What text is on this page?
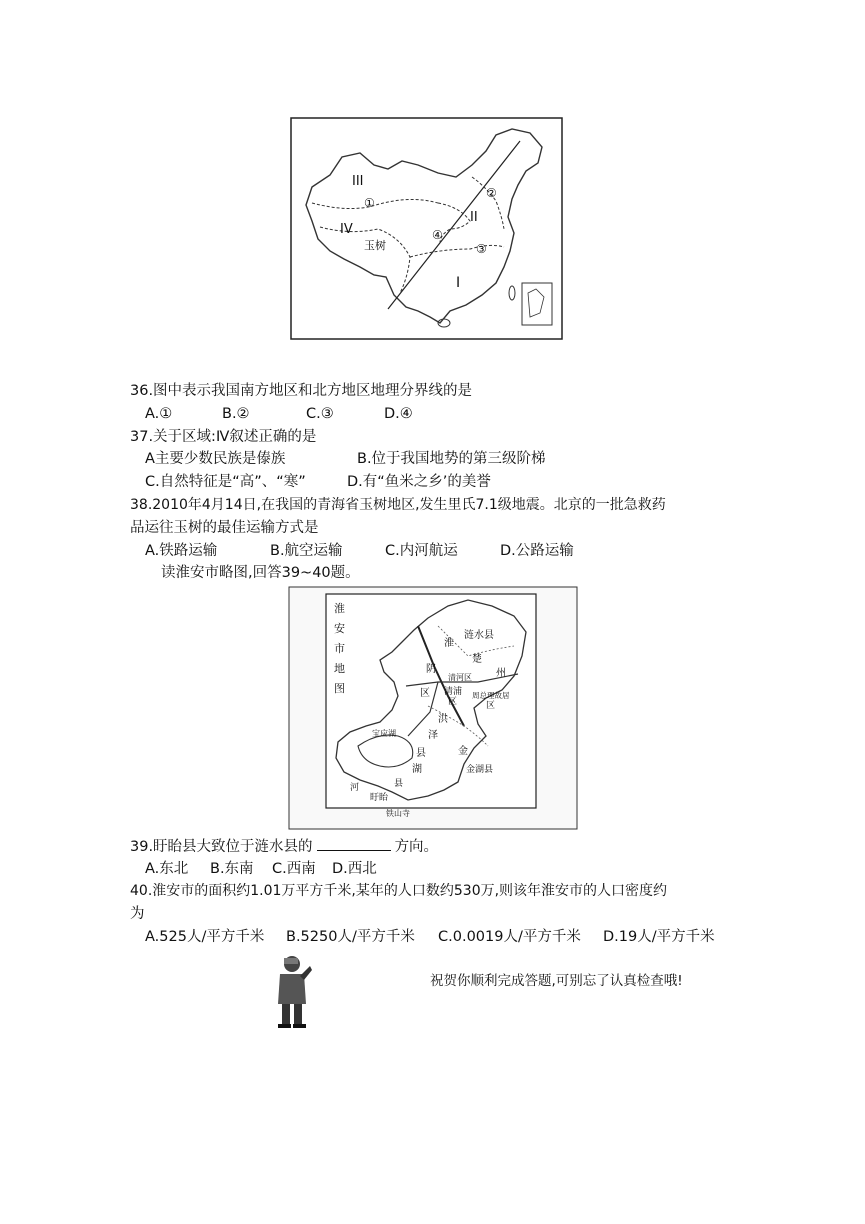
III
IV
II
I
玉树
①
②
③
④
36.图中表示我国南方地区和北方地区地理分界线的是
A.①	B.②	C.③	D.④
37.关于区域:Ⅳ叙述正确的是
A主要少数民族是傣族	B.位于我国地势的第三级阶梯
C.自然特征是“高”、“寒”	D.有“鱼米之乡’的美誉
38.2010年4月14日,在我国的青海省玉树地区,发生里氏7.1级地震。北京的一批急救药
品运往玉树的最佳运输方式是
A.铁路运输	B.航空运输	C.内河航运	D.公路运输
读淮安市略图,回答39~40题。
淮
安
市
地
图
涟水县
淮
阴
区
楚
州
清河区
清浦
区
周总理故居
区
洪
宝应湖	泽
县
湖
金
金湖县
河
盱眙
县
铁山寺
39.盱眙县大致位于涟水县的	方向。
A.东北 B.东南 C.西南 D.西北
40.淮安市的面积约1.01万平方千米,某年的人口数约530万,则该年淮安市的人口密度约
为
A.525人/平方千米 B.5250人/平方千米 C.0.0019人/平方千米 D.19人/平方千米
祝贺你顺利完成答题,可别忘了认真检查哦!
